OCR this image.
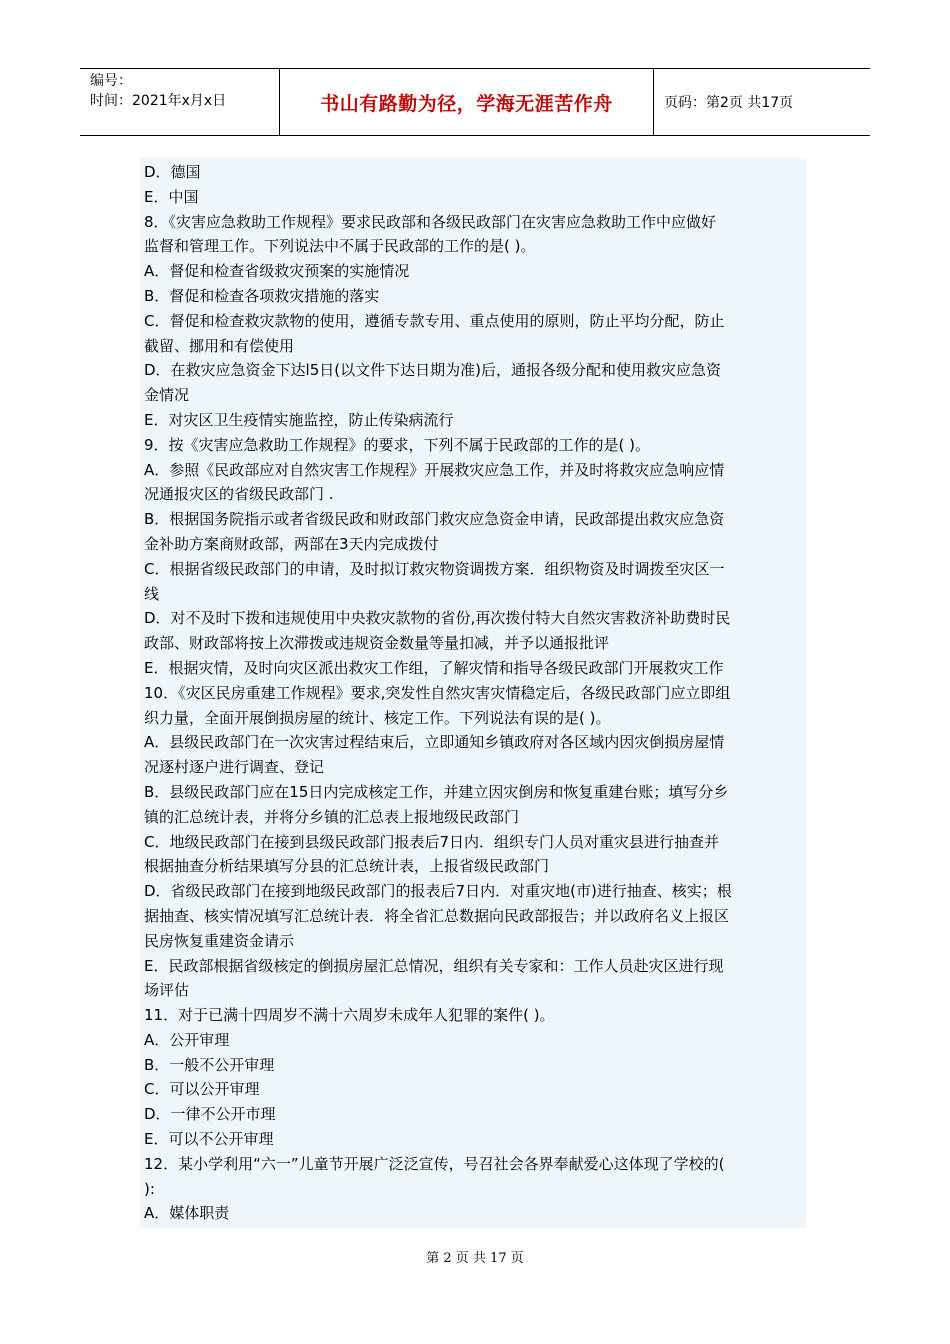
编号：
时间：2021年x月x日	书山有路勤为径，学海无涯苦作舟	页码：第2页 共17页
D．德国
E．中国
8．《灾害应急救助工作规程》要求民政部和各级民政部门在灾害应急救助工作中应做好
监督和管理工作。下列说法中不属于民政部的工作的是( )。
A．督促和检查省级救灾预案的实施情况
B．督促和检查各项救灾措施的落实
C．督促和检查救灾款物的使用，遵循专款专用、重点使用的原则，防止平均分配，防止
截留、挪用和有偿使用
D．在救灾应急资金下达l5日(以文件下达日期为准)后，通报各级分配和使用救灾应急资
金情况
E．对灾区卫生疫情实施监控，防止传染病流行
9．按《灾害应急救助工作规程》的要求，下列不属于民政部的工作的是( )。
A．参照《民政部应对自然灾害工作规程》开展救灾应急工作，并及时将救灾应急响应情
况通报灾区的省级民政部门 .
B．根据国务院指示或者省级民政和财政部门救灾应急资金申请，民政部提出救灾应急资
金补助方案商财政部，两部在3天内完成拨付
C．根据省级民政部门的申请，及时拟订救灾物资调拨方案．组织物资及时调拨至灾区一
线
D．对不及时下拨和违规使用中央救灾款物的省份,再次拨付特大自然灾害救济补助费时民
政部、财政部将按上次滞拨或违规资金数量等量扣减，并予以通报批评
E．根据灾情，及时向灾区派出救灾工作组，了解灾情和指导各级民政部门开展救灾工作
10．《灾区民房重建工作规程》要求,突发性自然灾害灾情稳定后，各级民政部门应立即组
织力量，全面开展倒损房屋的统计、核定工作。下列说法有误的是( )。
A．县级民政部门在一次灾害过程结束后，立即通知乡镇政府对各区域内因灾倒损房屋情
况逐村逐户进行调查、登记
B．县级民政部门应在15日内完成核定工作，并建立因灾倒房和恢复重建台账；填写分乡
镇的汇总统计表，并将分乡镇的汇总表上报地级民政部门
C．地级民政部门在接到县级民政部门报表后7日内．组织专门人员对重灾县进行抽查并
根据抽查分析结果填写分县的汇总统计表，上报省级民政部门
D．省级民政部门在接到地级民政部门的报表后7日内．对重灾地(市)进行抽查、核实；根
据抽查、核实情况填写汇总统计表．将全省汇总数据向民政部报告；并以政府名义上报区
民房恢复重建资金请示
E．民政部根据省级核定的倒损房屋汇总情况，组织有关专家和：工作人员赴灾区进行现
场评估
11．对于已满十四周岁不满十六周岁未成年人犯罪的案件( )。
A．公开审理
B．一般不公开审理
C．可以公开审理
D．一律不公开市理
E．可以不公开审理
12．某小学利用“六一”儿童节开展广泛泛宣传，号召社会各界奉献爱心这体现了学校的(
):
A．媒体职责
第 2 页 共 17 页
